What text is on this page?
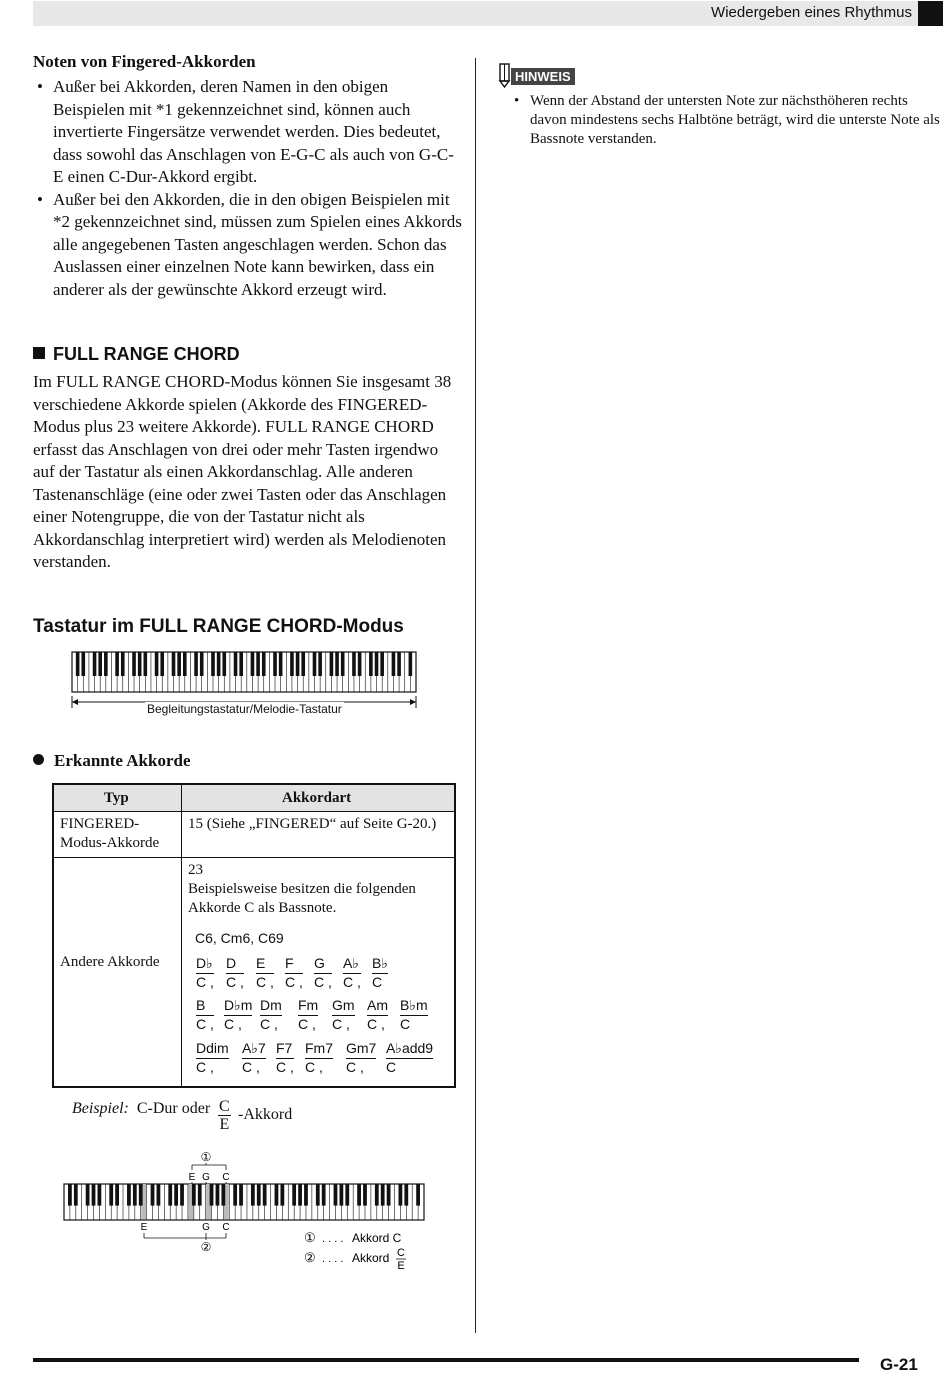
Wiedergeben eines Rhythmus
Noten von Fingered-Akkorden
• Außer bei Akkorden, deren Namen in den obigen Beispielen mit *1 gekennzeichnet sind, können auch invertierte Fingersätze verwendet werden. Dies bedeutet, dass sowohl das Anschlagen von E-G-C als auch von G-C-E einen C-Dur-Akkord ergibt.
• Außer bei den Akkorden, die in den obigen Beispielen mit *2 gekennzeichnet sind, müssen zum Spielen eines Akkords alle angegebenen Tasten angeschlagen werden. Schon das Auslassen einer einzelnen Note kann bewirken, dass ein anderer als der gewünschte Akkord erzeugt wird.
FULL RANGE CHORD
Im FULL RANGE CHORD-Modus können Sie insgesamt 38 verschiedene Akkorde spielen (Akkorde des FINGERED-Modus plus 23 weitere Akkorde). FULL RANGE CHORD erfasst das Anschlagen von drei oder mehr Tasten irgendwo auf der Tastatur als einen Akkordanschlag. Alle anderen Tastenanschläge (eine oder zwei Tasten oder das Anschlagen einer Notengruppe, die von der Tastatur nicht als Akkordanschlag interpretiert wird) werden als Melodienoten verstanden.
Tastatur im FULL RANGE CHORD-Modus
Begleitungstastatur/Melodie-Tastatur
Erkannte Akkorde
Typ	Akkordart
FINGERED-Modus-Akkorde
15 (Siehe „FINGERED“ auf Seite G-20.)
Andere Akkorde
23
Beispielsweise besitzen die folgenden Akkorde C als Bassnote.
C6, Cm6, C69
D♭
C ,
D
C ,
E
C ,
F
C ,
G
C ,
A♭
C ,
B♭
C
B
C ,
D♭m
C ,
Dm
C ,
Fm
C ,
Gm
C ,
Am
C ,
B♭m
C
Ddim
C ,
A♭7
C ,
F7
C ,
Fm7
C ,
Gm7
C ,
A♭add9
C
HINWEIS
• Wenn der Abstand der untersten Note zur nächsthöheren rechts davon mindestens sechs Halbtöne beträgt, wird die unterste Note als Bassnote verstanden.
Beispiel: C-Dur oder C
E
-Akkord
①
E G C
E	G C
②
① . . . . Akkord C
② . . . . Akkord C
E
G-21
